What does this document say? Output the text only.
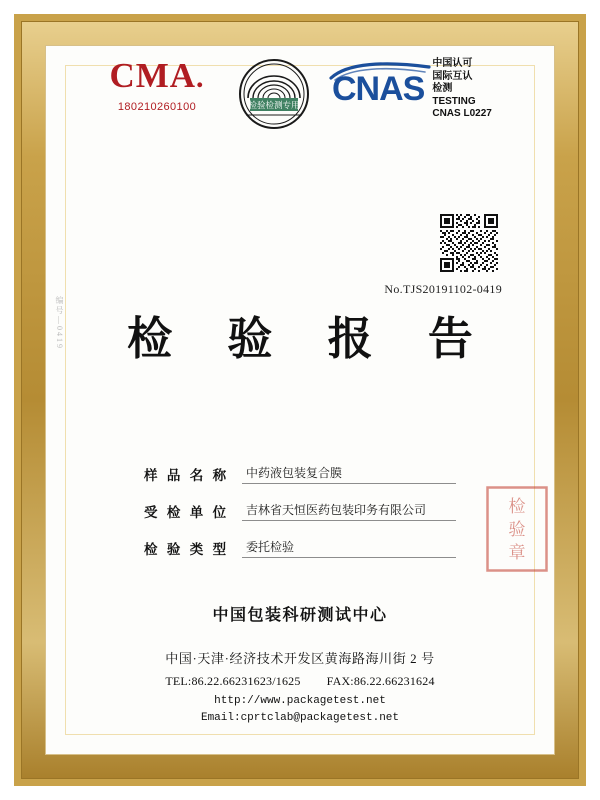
CMA.
180210260100	检验检测专用 CNAS
中国认可
国际互认
检测
TESTING
CNAS L0227
编号—0419
No.TJS20191102-0419
检 验 报 告
样 品 名 称	中药液包装复合膜
受 检 单 位	吉林省天恒医药包装印务有限公司
检 验 类 型	委托检验
检
验
章
中国包装科研测试中心
中国·天津·经济技术开发区黄海路海川街 2 号
TEL:86.22.66231623/1625 FAX:86.22.66231624
http://www.packagetest.net
Email:cprtclab@packagetest.net
